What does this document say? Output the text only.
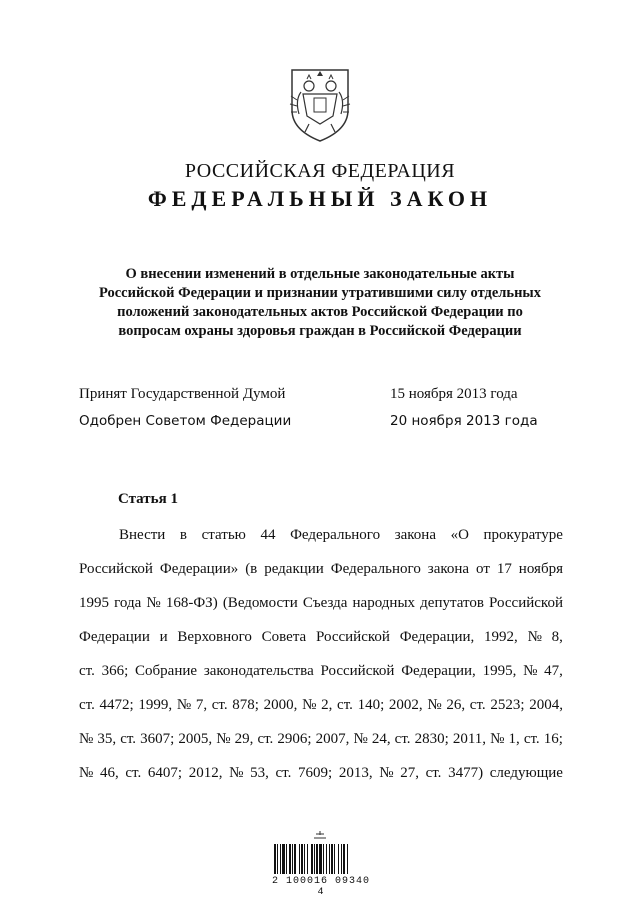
РОССИЙСКАЯ ФЕДЕРАЦИЯ
ФЕДЕРАЛЬНЫЙ ЗАКОН
О внесении изменений в отдельные законодательные акты
Российской Федерации и признании утратившими силу отдельных
положений законодательных актов Российской Федерации по
вопросам охраны здоровья граждан в Российской Федерации
Принят Государственной Думой	15 ноября 2013 года
Одобрен Советом Федерации	20 ноября 2013 года
Статья 1
Внести в статью 44 Федерального закона «О прокуратуре
Российской Федерации» (в редакции Федерального закона от 17 ноября
1995 года № 168-ФЗ) (Ведомости Съезда народных депутатов Российской
Федерации и Верховного Совета Российской Федерации, 1992, № 8,
ст. 366; Собрание законодательства Российской Федерации, 1995, № 47,
ст. 4472; 1999, № 7, ст. 878; 2000, № 2, ст. 140; 2002, № 26, ст. 2523; 2004,
№ 35, ст. 3607; 2005, № 29, ст. 2906; 2007, № 24, ст. 2830; 2011, № 1, ст. 16;
№ 46, ст. 6407; 2012, № 53, ст. 7609; 2013, № 27, ст. 3477) следующие
2 100016 09340 4
